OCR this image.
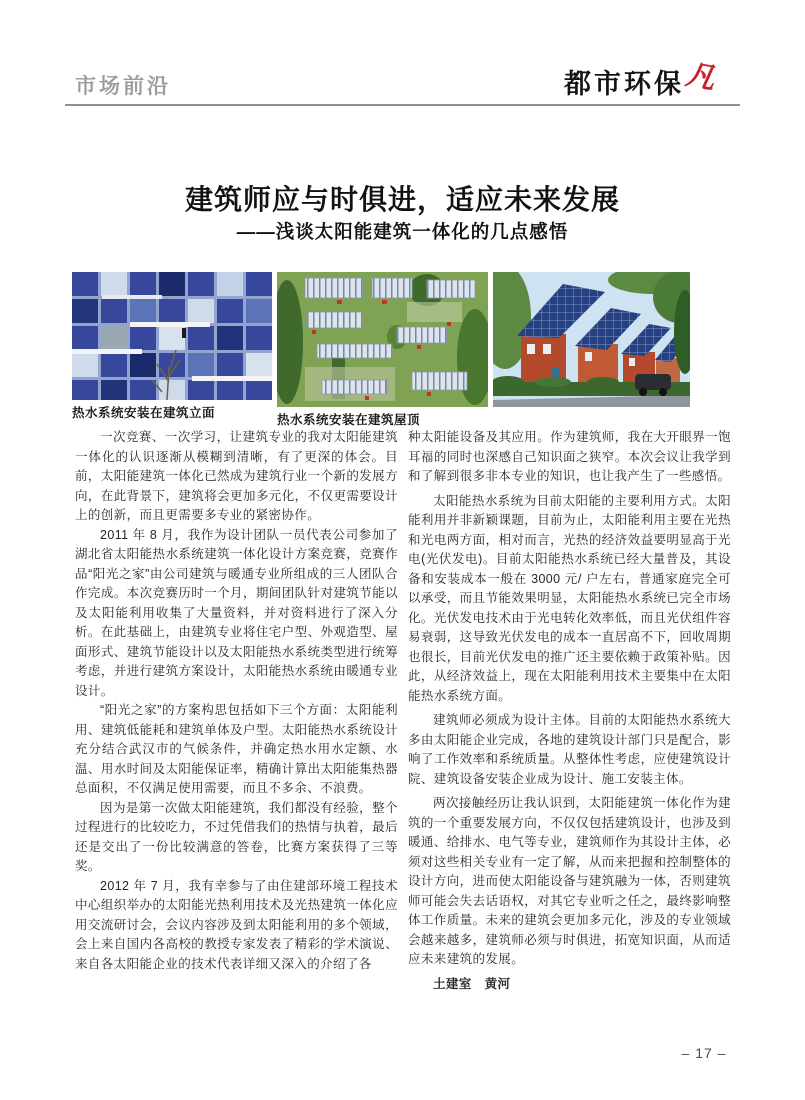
市场前沿	都市环保 凡
建筑师应与时俱进，适应未来发展
——浅谈太阳能建筑一体化的几点感悟
热水系统安装在建筑立面	热水系统安装在建筑屋顶

一次竞赛、一次学习，让建筑专业的我对太阳能建筑一体化的认识逐渐从模糊到清晰，有了更深的体会。目前，太阳能建筑一体化已然成为建筑行业一个新的发展方向，在此背景下，建筑将会更加多元化，不仅更需要设计上的创新，而且更需要多专业的紧密协作。

2011 年 8 月，我作为设计团队一员代表公司参加了湖北省太阳能热水系统建筑一体化设计方案竞赛，竞赛作品“阳光之家”由公司建筑与暖通专业所组成的三人团队合作完成。本次竞赛历时一个月，期间团队针对建筑节能以及太阳能利用收集了大量资料，并对资料进行了深入分析。在此基础上，由建筑专业将住宅户型、外观造型、屋面形式、建筑节能设计以及太阳能热水系统类型进行统筹考虑，并进行建筑方案设计，太阳能热水系统由暖通专业设计。

“阳光之家”的方案构思包括如下三个方面：太阳能利用、建筑低能耗和建筑单体及户型。太阳能热水系统设计充分结合武汉市的气候条件，并确定热水用水定额、水温、用水时间及太阳能保证率，精确计算出太阳能集热器总面积，不仅满足使用需要，而且不多余、不浪费。

因为是第一次做太阳能建筑，我们都没有经验，整个过程进行的比较吃力，不过凭借我们的热情与执着，最后还是交出了一份比较满意的答卷，比赛方案获得了三等奖。

2012 年 7 月，我有幸参与了由住建部环境工程技术中心组织举办的太阳能光热利用技术及光热建筑一体化应用交流研讨会，会议内容涉及到太阳能利用的多个领域，会上来自国内各高校的教授专家发表了精彩的学术演说、来自各太阳能企业的技术代表详细又深入的介绍了各

种太阳能设备及其应用。作为建筑师，我在大开眼界一饱耳福的同时也深感自己知识面之狭窄。本次会议让我学到和了解到很多非本专业的知识，也让我产生了一些感悟。

太阳能热水系统为目前太阳能的主要利用方式。太阳能利用并非新颖课题，目前为止，太阳能利用主要在光热和光电两方面，相对而言，光热的经济效益要明显高于光电(光伏发电)。目前太阳能热水系统已经大量普及，其设备和安装成本一般在 3000 元/ 户左右，普通家庭完全可以承受，而且节能效果明显，太阳能热水系统已完全市场化。光伏发电技术由于光电转化效率低，而且光伏组件容易衰弱，这导致光伏发电的成本一直居高不下，回收周期也很长，目前光伏发电的推广还主要依赖于政策补贴。因此，从经济效益上，现在太阳能利用技术主要集中在太阳能热水系统方面。

建筑师必须成为设计主体。目前的太阳能热水系统大多由太阳能企业完成，各地的建筑设计部门只是配合，影响了工作效率和系统质量。从整体性考虑，应使建筑设计院、建筑设备安装企业成为设计、施工安装主体。

两次接触经历让我认识到，太阳能建筑一体化作为建筑的一个重要发展方向，不仅仅包括建筑设计，也涉及到暖通、给排水、电气等专业，建筑师作为其设计主体，必须对这些相关专业有一定了解，从而来把握和控制整体的设计方向，进而使太阳能设备与建筑融为一体，否则建筑师可能会失去话语权，对其它专业听之任之，最终影响整体工作质量。未来的建筑会更加多元化，涉及的专业领域会越来越多，建筑师必须与时俱进，拓宽知识面，从而适应未来建筑的发展。

土建室　黄河

– 17 –
